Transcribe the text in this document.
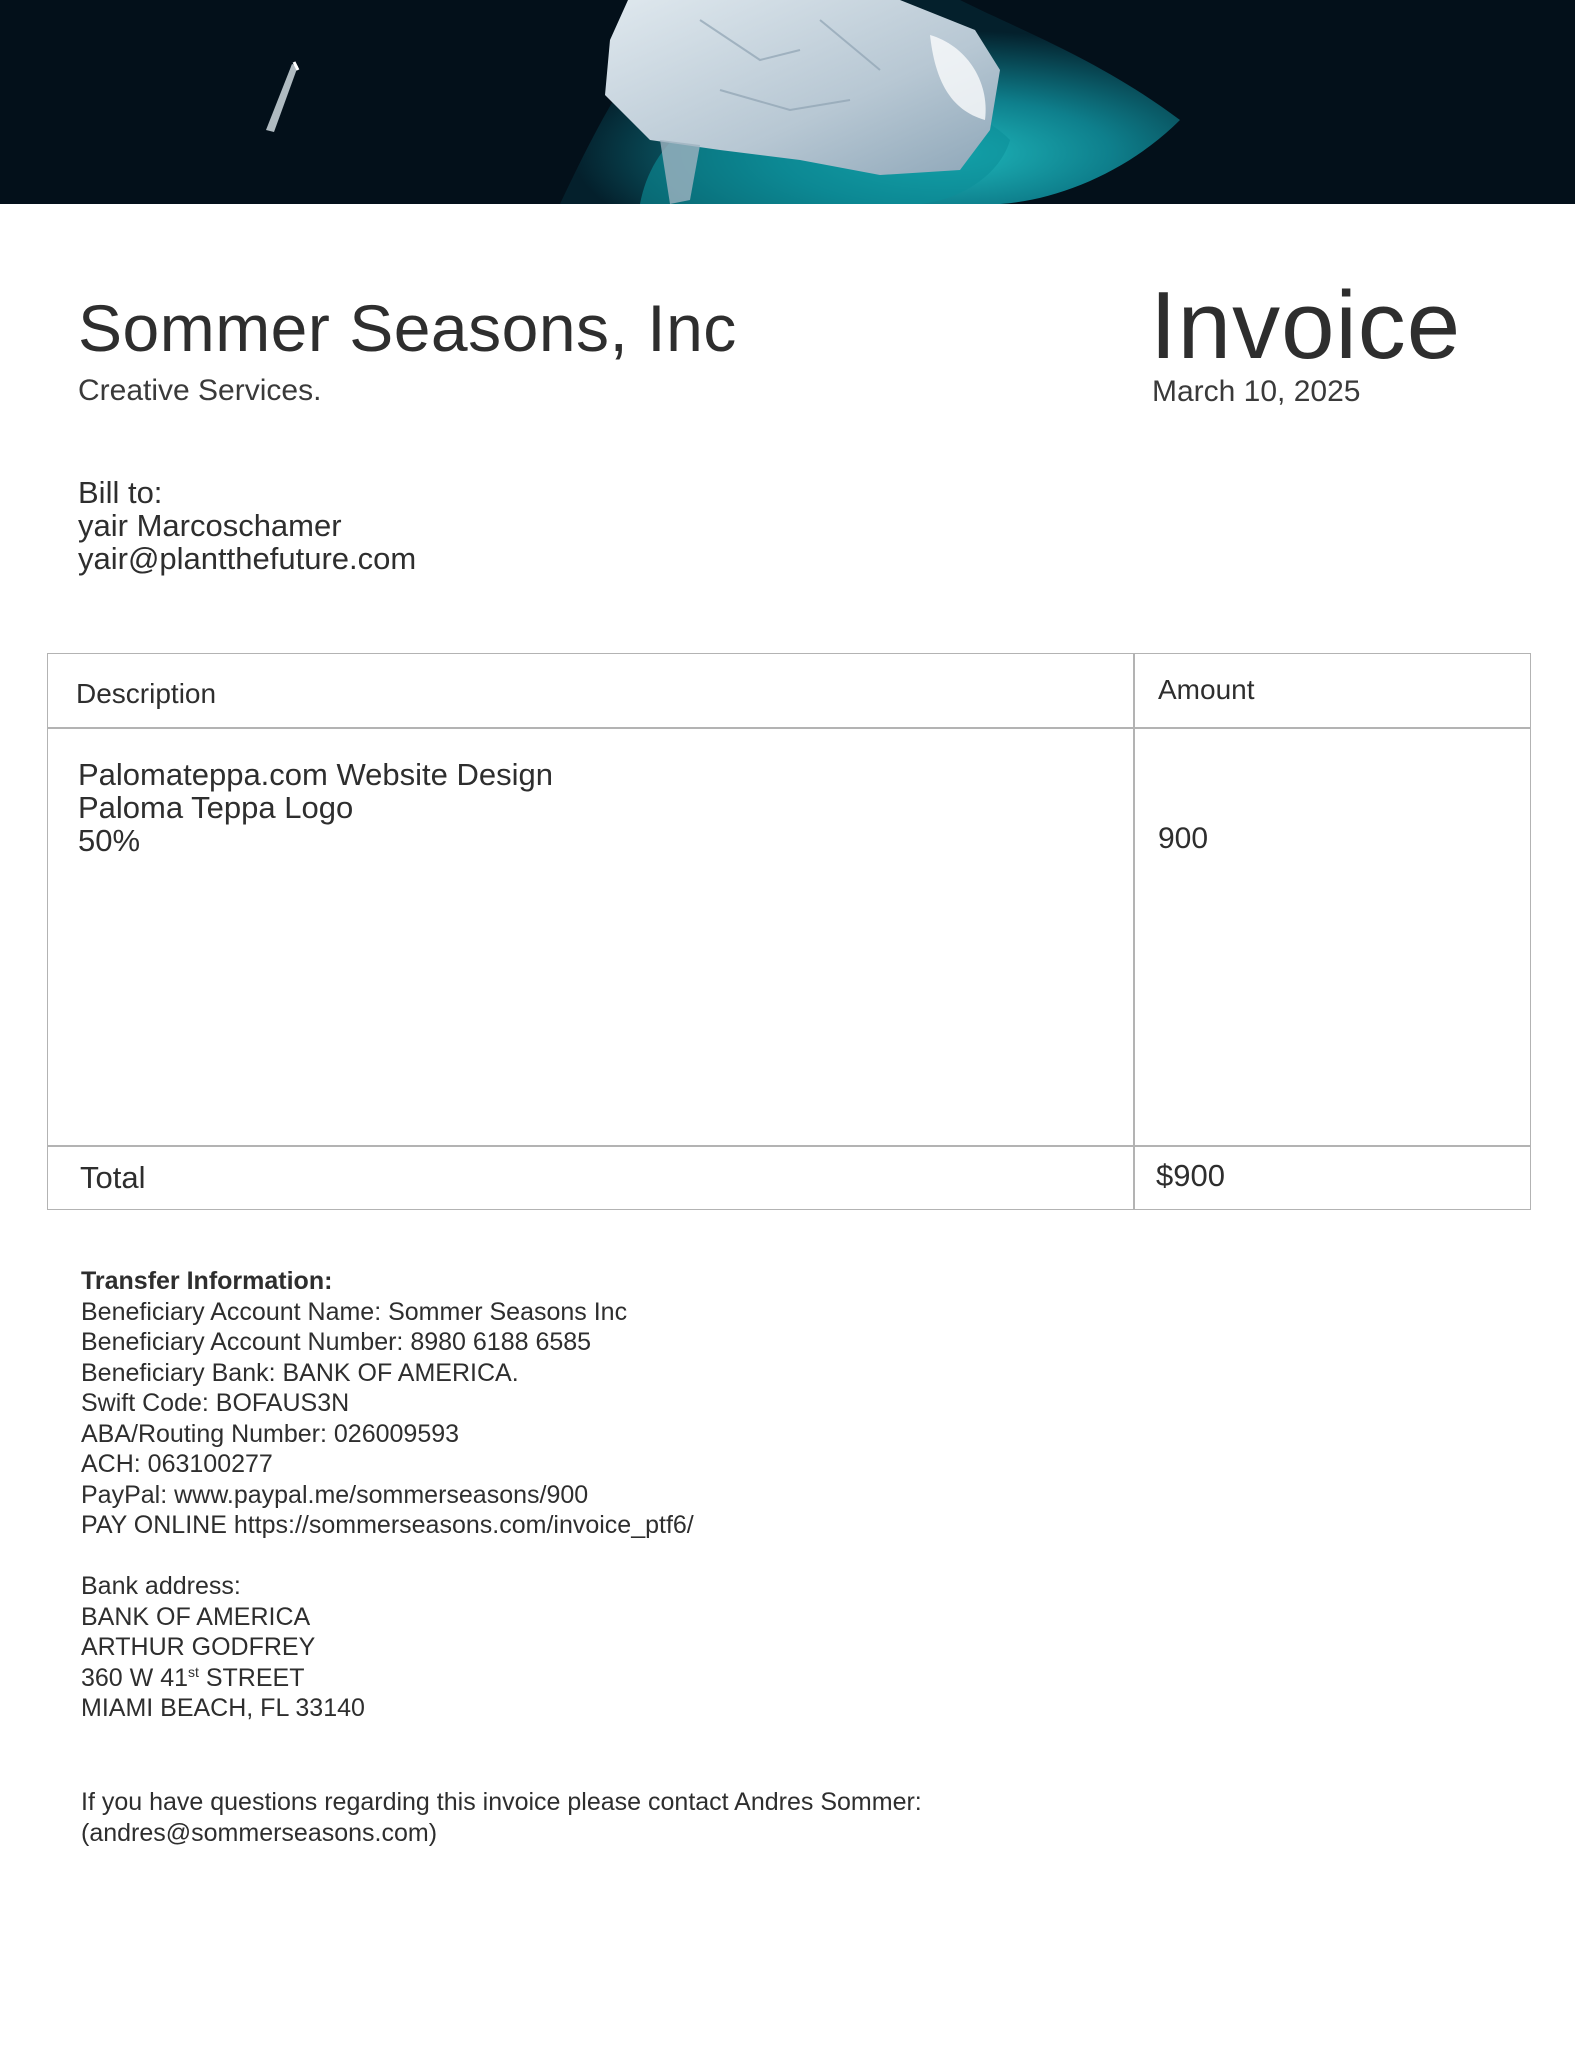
Sommer Seasons, Inc
Creative Services.
Invoice
March 10, 2025
Bill to:
yair Marcoschamer
yair@plantthefuture.com
Description	Amount
Palomateppa.com Website Design
Paloma Teppa Logo
50%	900
Total	$900
Transfer Information:
Beneficiary Account Name: Sommer Seasons Inc
Beneficiary Account Number: 8980 6188 6585
Beneficiary Bank: BANK OF AMERICA.
Swift Code: BOFAUS3N
ABA/Routing Number: 026009593
ACH: 063100277
PayPal: www.paypal.me/sommerseasons/900
PAY ONLINE https://sommerseasons.com/invoice_ptf6/
Bank address:
BANK OF AMERICA
ARTHUR GODFREY
360 W 41st STREET
MIAMI BEACH, FL 33140
If you have questions regarding this invoice please contact Andres Sommer:
(andres@sommerseasons.com)
